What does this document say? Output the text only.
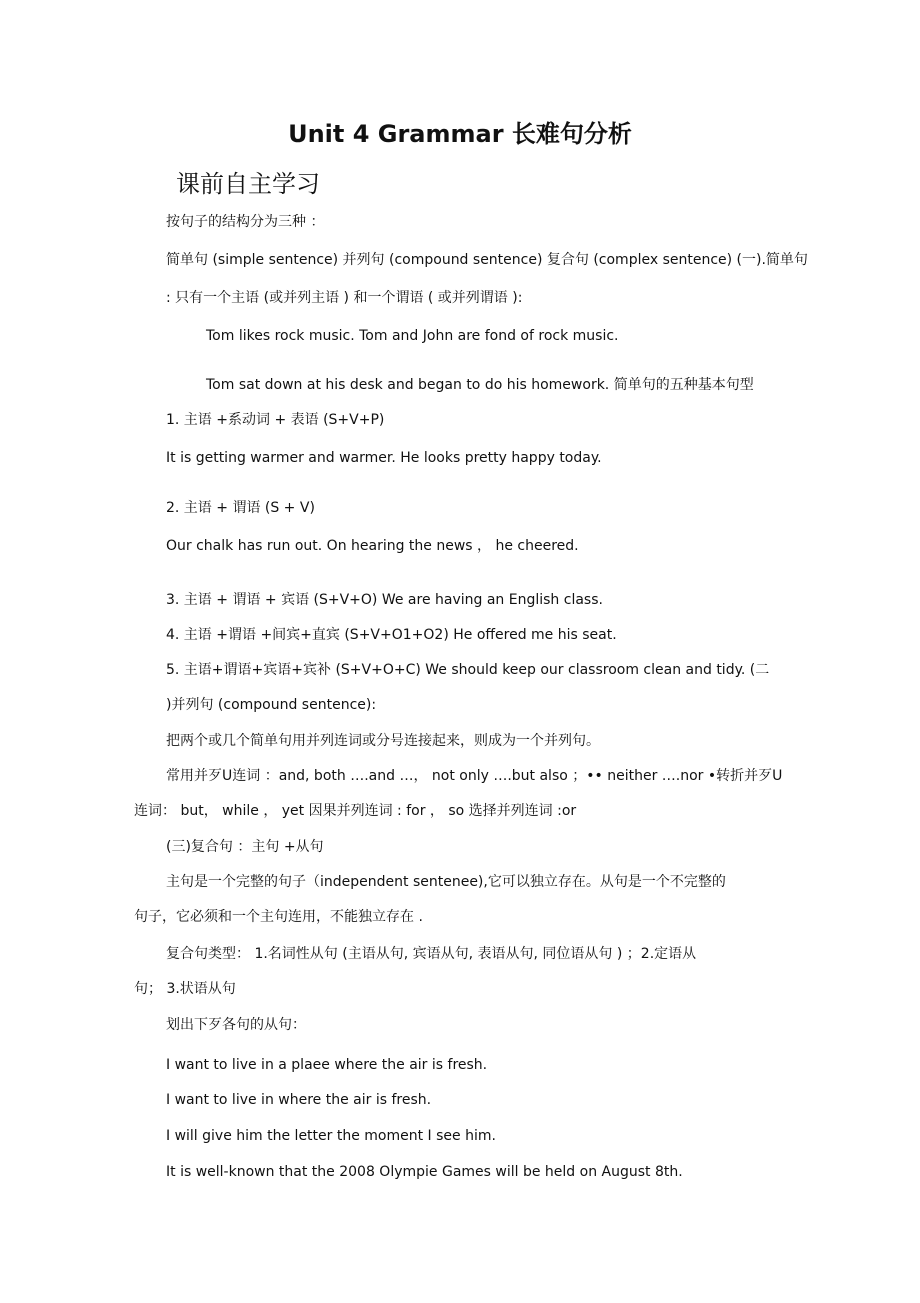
Unit 4 Grammar 长难句分析
课前自主学习
按句子的结构分为三种 ：
简单句 (simple sentence) 并列句 (compound sentence) 复合句 (complex sentence) (一).简单句
: 只有一个主语 (或并列主语 ) 和一个谓语 ( 或并列谓语 ):
Tom likes rock music. Tom and John are fond of rock music.
Tom sat down at his desk and began to do his homework. 简单句的五种基本句型
1. 主语 +系动词 + 表语 (S+V+P)
It is getting warmer and warmer. He looks pretty happy today.
2. 主语 + 谓语 (S + V)
Our chalk has run out. On hearing the news ， he cheered.
3. 主语 + 谓语 + 宾语 (S+V+O) We are having an English class.
4. 主语 +谓语 +间宾+直宾 (S+V+O1+O2) He offered me his seat.
5. 主语+谓语+宾语+宾补 (S+V+O+C) We should keep our classroom clean and tidy. (二
)并列句 (compound sentence):
把两个或几个简单句用并列连词或分号连接起来，则成为一个并列句。
常用并歹U连词 ：and, both ….and …， not only ….but also ；•• neither ….nor •转折并歹U
连词： but， while ， yet 因果并列连词 : for ， so 选择并列连词 :or
(三)复合句 ：主句 +从句
主句是一个完整的句子（independent sentenee),它可以独立存在。从句是一个不完整的
句子，它必须和一个主句连用，不能独立存在 .
复合句类型： 1.名词性从句 (主语从句, 宾语从句, 表语从句, 同位语从句 ) ；2.定语从
句； 3.状语从句
划出下歹各句的从句：
I want to live in a plaee where the air is fresh.
I want to live in where the air is fresh.
I will give him the letter the moment I see him.
It is well-known that the 2008 Olympie Games will be held on August 8th.
